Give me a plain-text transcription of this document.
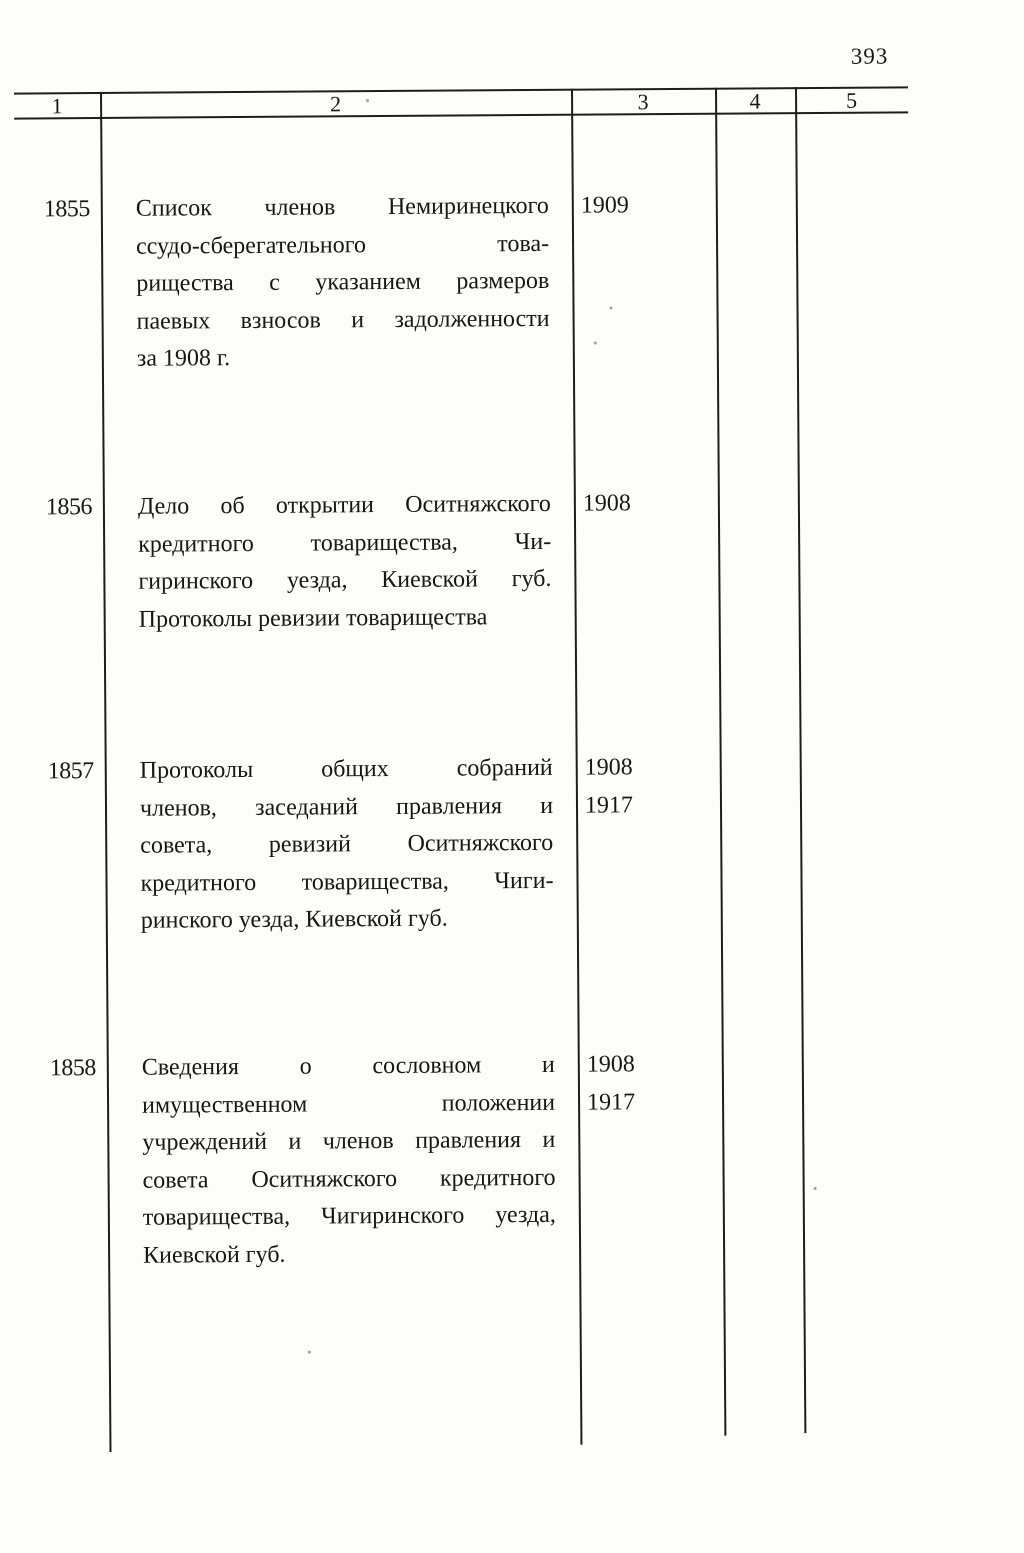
393
1	2	3	4	5
1855	Список членов Немиринецкого
ссудо-сберегательного това-
рищества с указанием размеров
паевых взносов и задолженности
за 1908 г.
1909
1856	Дело об открытии Оситняжского
кредитного товарищества, Чи-
гиринского уезда, Киевской губ.
Протоколы ревизии товарищества
1908
1857	Протоколы общих собраний
членов, заседаний правления и
совета, ревизий Оситняжского
кредитного товарищества, Чиги-
ринского уезда, Киевской губ.
1908
1917
1858	Сведения о сословном и
имущественном положении
учреждений и членов правления и
совета Оситняжского кредитного
товарищества, Чигиринского уезда,
Киевской губ.
1908
1917
